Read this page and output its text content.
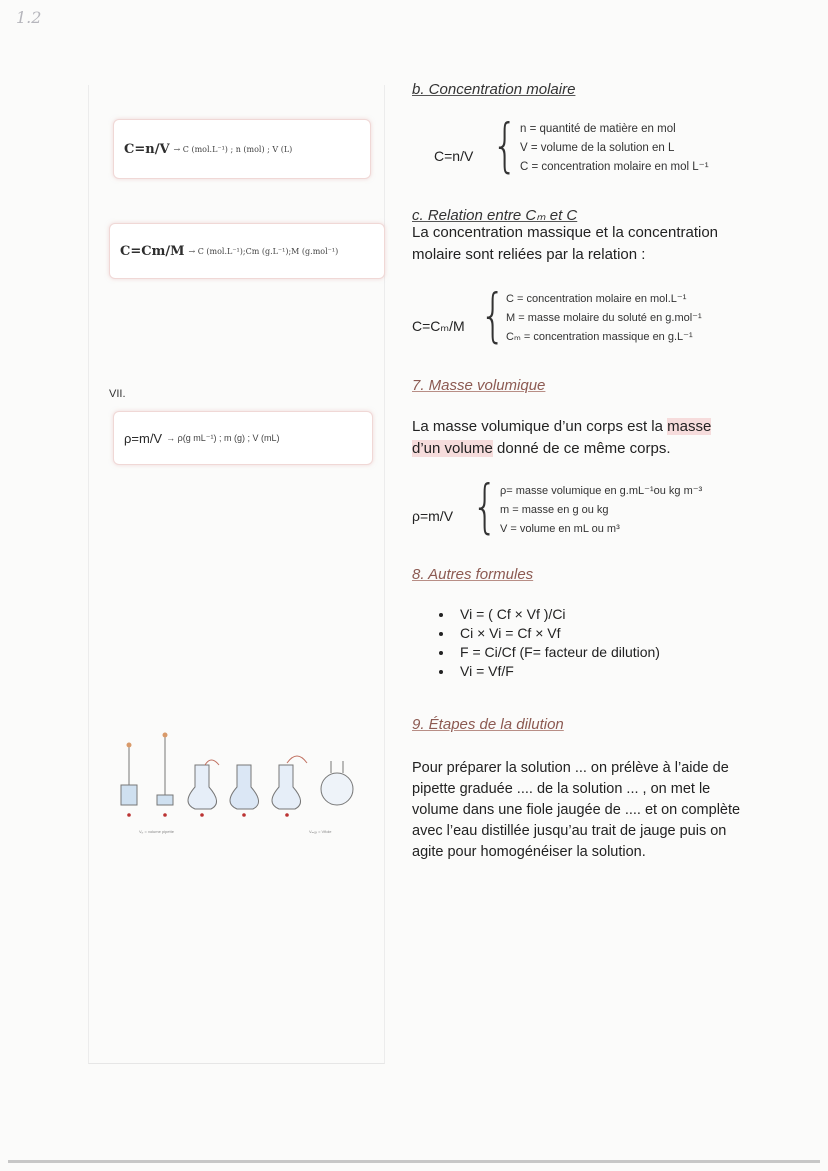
1.2
C=n/V → C (mol.L⁻¹) ; n (mol) ; V (L)
C=Cm/M → C (mol.L⁻¹);Cm (g.L⁻¹);M (g.mol⁻¹)
VII.
ρ=m/V → ρ(g mL⁻¹) ; m (g) ; V (mL)
Vₚ = volume pipette	Vₘₐₓ = Vfiole
b. Concentration molaire
C=n/V { n = quantité de matière en mol
V = volume de la solution en L
C = concentration molaire en mol L⁻¹
c. Relation entre Cₘ et C
La concentration massique et la concentration molaire sont reliées par la relation :
C=Cₘ/M { C = concentration molaire en mol.L⁻¹
M = masse molaire du soluté en g.mol⁻¹
Cₘ = concentration massique en g.L⁻¹
7. Masse volumique
La masse volumique d’un corps est la masse
d’un volume donné de ce même corps.
ρ=m/V { ρ= masse volumique en g.mL⁻¹ou kg m⁻³
m = masse en g ou kg
V = volume en mL ou m³
8. Autres formules
• Vi = ( Cf × Vf )/Ci
• Ci × Vi = Cf × Vf
• F = Ci/Cf (F= facteur de dilution)
• Vi = Vf/F
9. Étapes de la dilution
Pour préparer la solution ... on prélève à l’aide de pipette graduée .... de la solution ... , on met le volume dans une fiole jaugée de .... et on complète avec l’eau distillée jusqu’au trait de jauge puis on agite pour homogénéiser la solution.
